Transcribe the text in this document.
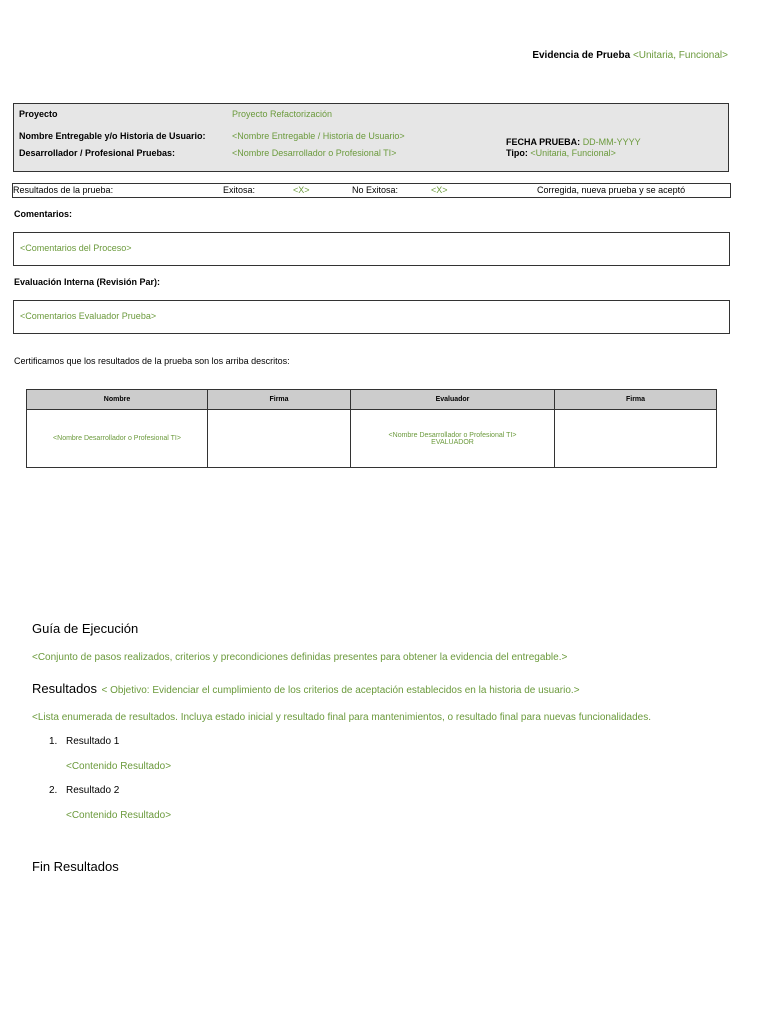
Evidencia de Prueba <Unitaria, Funcional>
Proyecto	Proyecto Refactorización
Nombre Entregable y/o Historia de Usuario:	<Nombre Entregable / Historia de Usuario>
Desarrollador / Profesional Pruebas:	<Nombre Desarrollador o Profesional TI>
FECHA PRUEBA: DD-MM-YYYY
Tipo: <Unitaria, Funcional>
Resultados de la prueba:	Exitosa:	<X>	No Exitosa:	<X>	Corregida, nueva prueba y se aceptó
Comentarios:
<Comentarios del Proceso>
Evaluación Interna (Revisión Par):
<Comentarios Evaluador Prueba>
Certificamos que los resultados de la prueba son los arriba descritos:
Nombre	Firma	Evaluador	Firma
<Nombre Desarrollador o Profesional TI>		<Nombre Desarrollador o Profesional TI>
EVALUADOR	

Guía de Ejecución
<Conjunto de pasos realizados, criterios y precondiciones definidas presentes para obtener la evidencia del entregable.>
Resultados < Objetivo: Evidenciar el cumplimiento de los criterios de aceptación establecidos en la historia de usuario.>
<Lista enumerada de resultados. Incluya estado inicial y resultado final para mantenimientos, o resultado final para nuevas funcionalidades.
1. Resultado 1
<Contenido Resultado>
2. Resultado 2
<Contenido Resultado>
Fin Resultados
